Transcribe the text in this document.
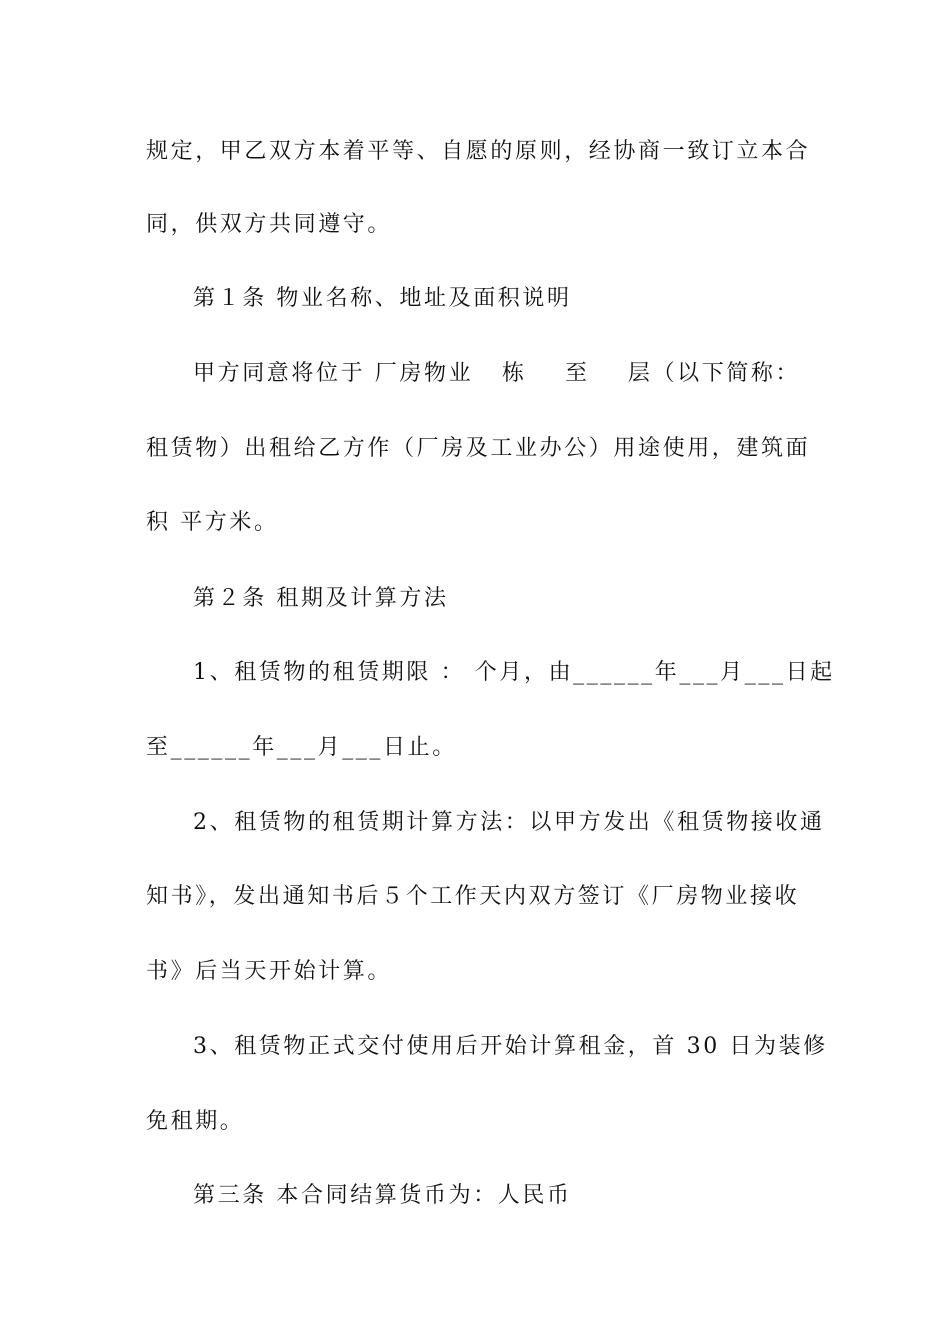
规定，甲乙双方本着平等、自愿的原则，经协商一致订立本合
同，供双方共同遵守。
第１条 物业名称、地址及面积说明
甲方同意将位于 厂房物业   栋    至    层（以下简称：
租赁物）出租给乙方作（厂房及工业办公）用途使用，建筑面
积 平方米。
第２条 租期及计算方法
1、租赁物的租赁期限 ： 个月，由______年___月___日起
至______年___月___日止。
2、租赁物的租赁期计算方法：以甲方发出《租赁物接收通
知书》，发出通知书后５个工作天内双方签订《厂房物业接收
书》后当天开始计算。
3、租赁物正式交付使用后开始计算租金，首 30 日为装修
免租期。
第三条 本合同结算货币为：人民币
